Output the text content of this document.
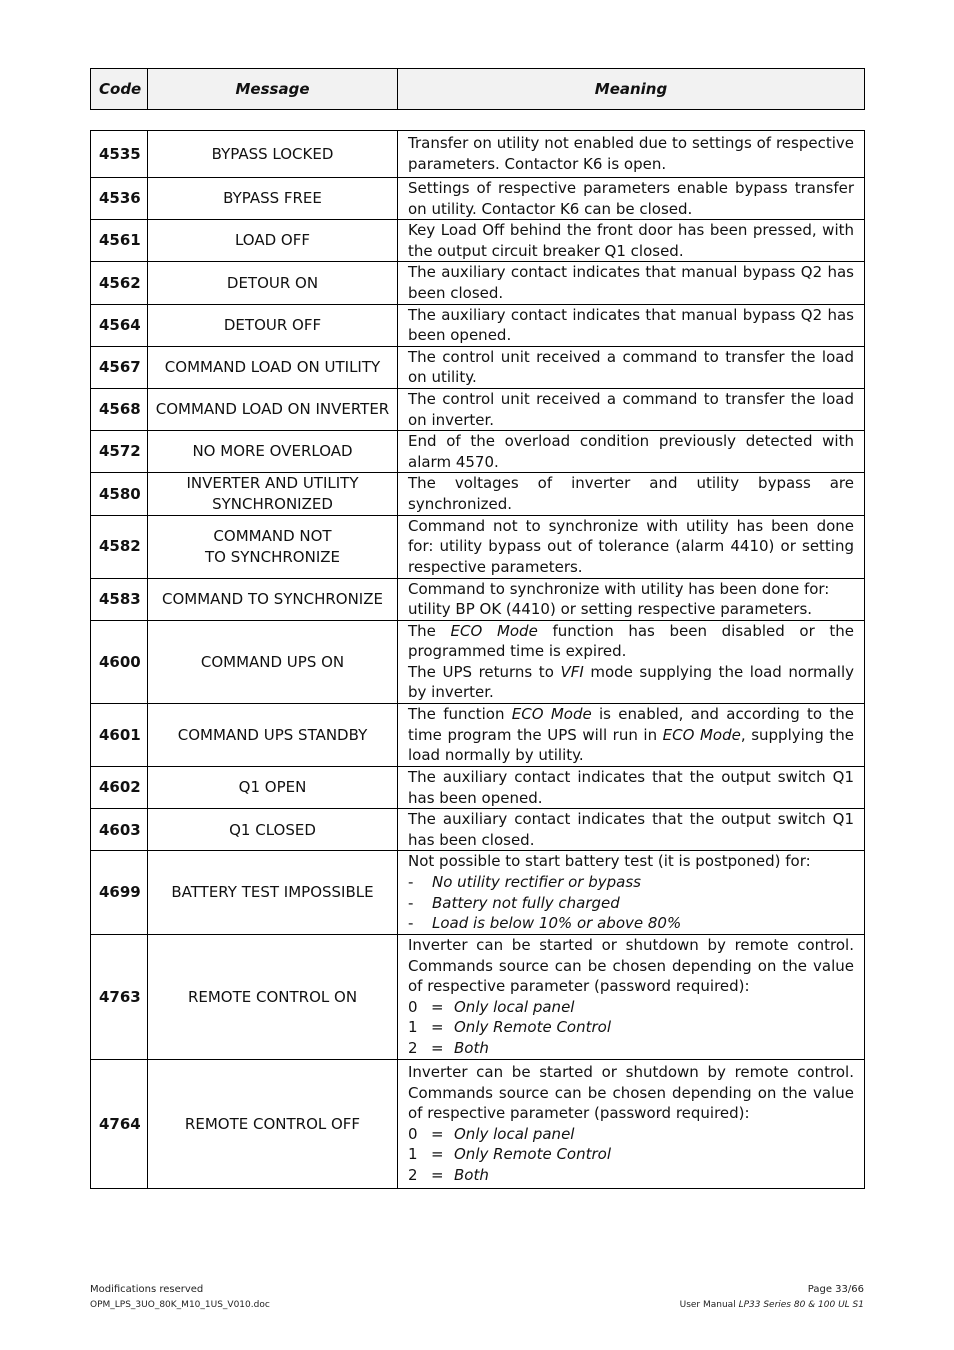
Code	Message	Meaning
4535	BYPASS LOCKED	Transfer on utility not enabled due to settings of respective parameters. Contactor K6 is open.

4536	BYPASS FREE	Settings of respective parameters enable bypass transfer on utility. Contactor K6 can be closed.

4561	LOAD OFF	Key Load Off behind the front door has been pressed, with the output circuit breaker Q1 closed.

4562	DETOUR ON	The auxiliary contact indicates that manual bypass Q2 has been closed.

4564	DETOUR OFF	The auxiliary contact indicates that manual bypass Q2 has been opened.

4567	COMMAND LOAD ON UTILITY	The control unit received a command to transfer the load on utility.

4568	COMMAND LOAD ON INVERTER	The control unit received a command to transfer the load on inverter.

4572	NO MORE OVERLOAD	End of the overload condition previously detected with alarm 4570.

4580	INVERTER AND UTILITY
SYNCHRONIZED	The voltages of inverter and utility bypass are synchronized.

4582	COMMAND NOT
TO SYNCHRONIZE	Command not to synchronize with utility has been done for: utility bypass out of tolerance (alarm 4410) or setting respective parameters.

4583	COMMAND TO SYNCHRONIZE	Command to synchronize with utility has been done for:
utility BP OK (4410) or setting respective parameters.

4600	COMMAND UPS ON	The ECO Mode function has been disabled or the programmed time is expired.
The UPS returns to VFI mode supplying the load normally by inverter.

4601	COMMAND UPS STANDBY	The function ECO Mode is enabled, and according to the time program the UPS will run in ECO Mode, supplying the load normally by utility.

4602	Q1 OPEN	The auxiliary contact indicates that the output switch Q1 has been opened.

4603	Q1 CLOSED	The auxiliary contact indicates that the output switch Q1 has been closed.

4699	BATTERY TEST IMPOSSIBLE	Not possible to start battery test (it is postponed) for:
- No utility rectifier or bypass
- Battery not fully charged
- Load is below 10% or above 80%

4763	REMOTE CONTROL ON	Inverter can be started or shutdown by remote control. Commands source can be chosen depending on the value of respective parameter (password required):
0 = Only local panel
1 = Only Remote Control
2 = Both

4764	REMOTE CONTROL OFF	Inverter can be started or shutdown by remote control. Commands source can be chosen depending on the value of respective parameter (password required):
0 = Only local panel
1 = Only Remote Control
2 = Both
Modifications reserved
OPM_LPS_3UO_80K_M10_1US_V010.doc
Page 33/66
User Manual LP33 Series 80 & 100 UL S1
